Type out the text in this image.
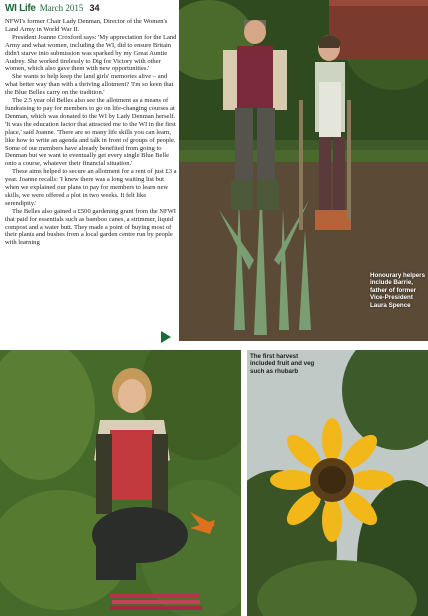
WI Life March 2015 34

NFWI's former Chair Lady Denman, Director of the Women's Land Army in World War II.

President Joanne Croxford says: 'My appreciation for the Land Army and what women, including the WI, did to ensure Britain didn't starve into submission was sparked by my Great Auntie Audrey. She worked tirelessly to Dig for Victory with other women, which also gave them with new opportunities.'

She wants to help keep the land girls' memories alive – and what better way than with a thriving allotment? 'I'm so keen that the Blue Belles carry on the tradition.'

The 2.5 year old Belles also see the allotment as a means of fundraising to pay for members to go on life-changing courses at Denman, which was donated to the WI by Lady Denman herself. 'It was the education factor that attracted me to the WI in the first place,' said Joanne. 'There are so many life skills you can learn, like how to write an agenda and talk in front of groups of people. Some of our members have already benefited from going to Denman but we want to eventually get every single Blue Belle onto a course, whatever their financial situation.'

These aims helped to secure an allotment for a rent of just £3 a year. Joanne recalls: 'I knew there was a long waiting list but when we explained our plans to pay for members to learn new skills, we were offered a plot in two weeks. It felt like serendipity.'

The Belles also gained a £500 gardening grant from the NFWI that paid for essentials such as bamboo canes, a strimmer, liquid compost and a water butt. They made a point of buying most of their plants and bushes from a local garden centre run by people with learning

Honourary helpers include Barrie, father of former Vice-President Laura Spence
The first harvest included fruit and veg such as rhubarb
